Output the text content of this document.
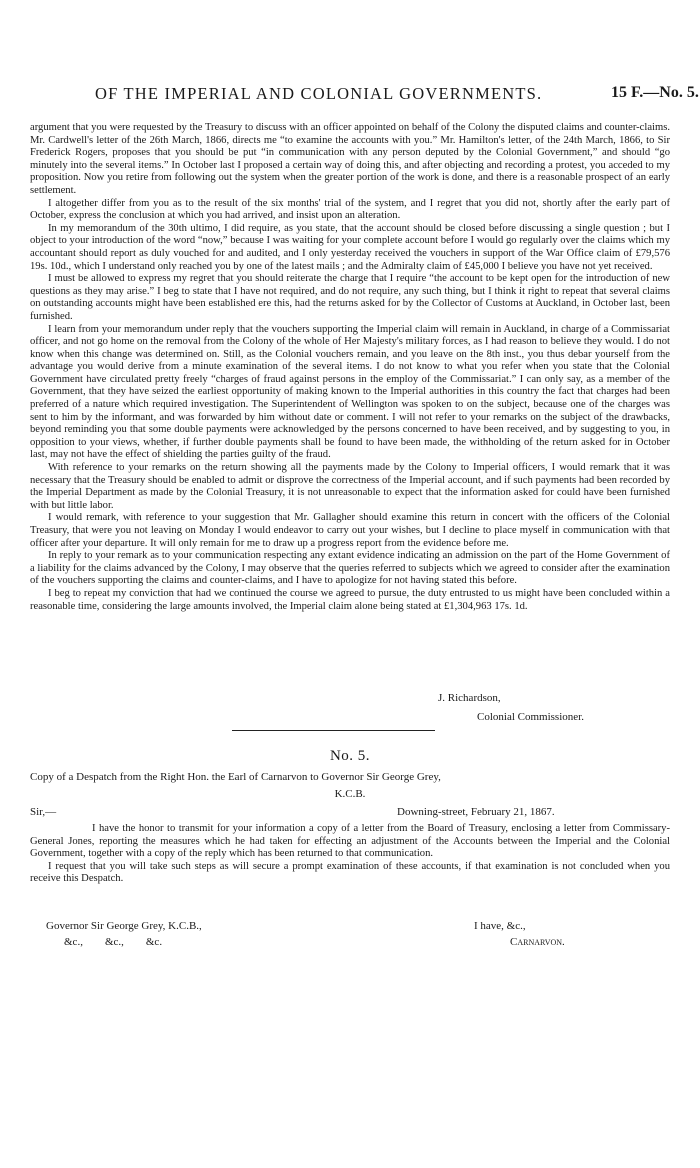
OF THE IMPERIAL AND COLONIAL GOVERNMENTS.	15 F.—No. 5.

argument that you were requested by the Treasury to discuss with an officer appointed on behalf of the Colony the disputed claims and counter-claims. Mr. Cardwell's letter of the 26th March, 1866, directs me “to examine the accounts with you.” Mr. Hamilton's letter, of the 24th March, 1866, to Sir Frederick Rogers, proposes that you should be put “in communication with any person deputed by the Colonial Government,” and should “go minutely into the several items.” In October last I proposed a certain way of doing this, and after objecting and recording a protest, you acceded to my proposition. Now you retire from following out the system when the greater portion of the work is done, and there is a reasonable prospect of an early settlement.

I altogether differ from you as to the result of the six months' trial of the system, and I regret that you did not, shortly after the early part of October, express the conclusion at which you had arrived, and insist upon an alteration.

In my memorandum of the 30th ultimo, I did require, as you state, that the account should be closed before discussing a single question ; but I object to your introduction of the word “now,” because I was waiting for your complete account before I would go regularly over the claims which my accountant should report as duly vouched for and audited, and I only yesterday received the vouchers in support of the War Office claim of £79,576 19s. 10d., which I understand only reached you by one of the latest mails ; and the Admiralty claim of £45,000 I believe you have not yet received.

I must be allowed to express my regret that you should reiterate the charge that I require “the account to be kept open for the introduction of new questions as they may arise.” I beg to state that I have not required, and do not require, any such thing, but I think it right to repeat that several claims on outstanding accounts might have been established ere this, had the returns asked for by the Collector of Customs at Auckland, in October last, been furnished.

I learn from your memorandum under reply that the vouchers supporting the Imperial claim will remain in Auckland, in charge of a Commissariat officer, and not go home on the removal from the Colony of the whole of Her Majesty's military forces, as I had reason to believe they would. I do not know when this change was determined on. Still, as the Colonial vouchers remain, and you leave on the 8th inst., you thus debar yourself from the advantage you would derive from a minute examination of the several items. I do not know to what you refer when you state that the Colonial Government have circulated pretty freely “charges of fraud against persons in the employ of the Commissariat.” I can only say, as a member of the Government, that they have seized the earliest opportunity of making known to the Imperial authorities in this country the fact that charges had been preferred of a nature which required investigation. The Superintendent of Wellington was spoken to on the subject, because one of the charges was sent to him by the informant, and was forwarded by him without date or comment. I will not refer to your remarks on the subject of the drawbacks, beyond reminding you that some double payments were acknowledged by the persons concerned to have been received, and by suggesting to you, in opposition to your views, whether, if further double payments shall be found to have been made, the withholding of the return asked for in October last, may not have the effect of shielding the parties guilty of the fraud.

With reference to your remarks on the return showing all the payments made by the Colony to Imperial officers, I would remark that it was necessary that the Treasury should be enabled to admit or disprove the correctness of the Imperial account, and if such payments had been recorded by the Imperial Department as made by the Colonial Treasury, it is not unreasonable to expect that the information asked for could have been furnished with but little labor.

I would remark, with reference to your suggestion that Mr. Gallagher should examine this return in concert with the officers of the Colonial Treasury, that were you not leaving on Monday I would endeavor to carry out your wishes, but I decline to place myself in communication with that officer after your departure. It will only remain for me to draw up a progress report from the evidence before me.

In reply to your remark as to your communication respecting any extant evidence indicating an admission on the part of the Home Government of a liability for the claims advanced by the Colony, I may observe that the queries referred to subjects which we agreed to consider after the examination of the vouchers supporting the claims and counter-claims, and I have to apologize for not having stated this before.

I beg to repeat my conviction that had we continued the course we agreed to pursue, the duty entrusted to us might have been concluded within a reasonable time, considering the large amounts involved, the Imperial claim alone being stated at £1,304,963 17s. 1d.

J. Richardson,
Colonial Commissioner.
No. 5.
Copy of a Despatch from the Right Hon. the Earl of Carnarvon to Governor Sir George Grey,
K.C.B.
Sir,—	Downing-street, February 21, 1867.

I have the honor to transmit for your information a copy of a letter from the Board of Treasury, enclosing a letter from Commissary-General Jones, reporting the measures which he had taken for effecting an adjustment of the Accounts between the Imperial and the Colonial Government, together with a copy of the reply which has been returned to that communication.

I request that you will take such steps as will secure a prompt examination of these accounts, if that examination is not concluded when you receive this Despatch.

Governor Sir George Grey, K.C.B.,
&c.,        &c.,        &c.
I have, &c.,
Carnarvon.
